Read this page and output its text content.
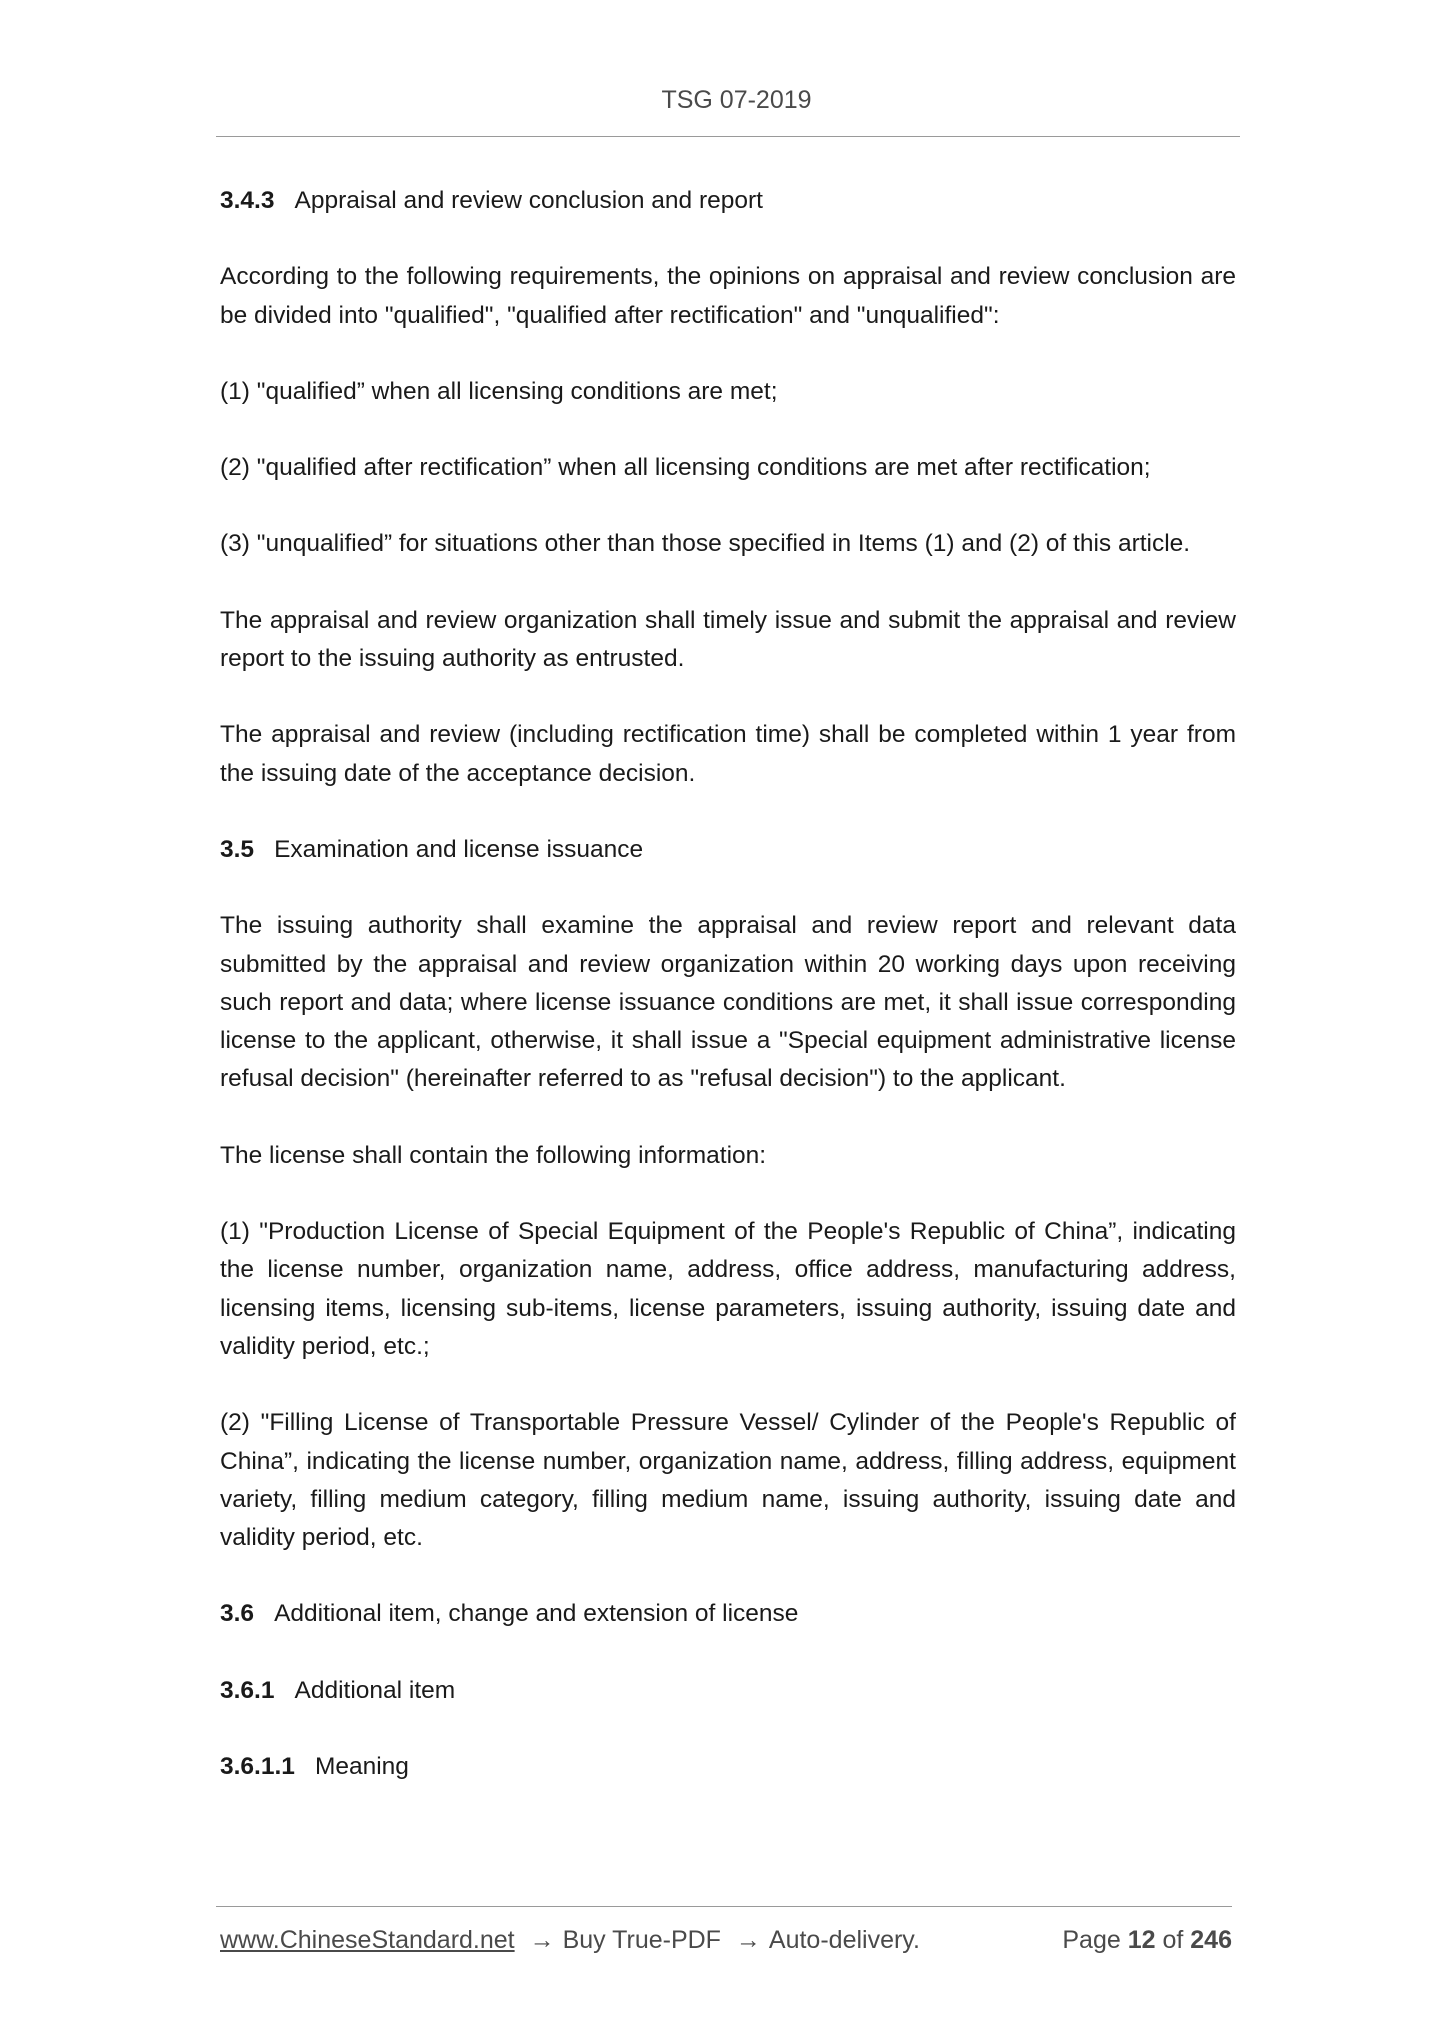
TSG 07-2019
3.4.3 Appraisal and review conclusion and report
According to the following requirements, the opinions on appraisal and review conclusion are be divided into "qualified", "qualified after rectification" and "unqualified":
(1) "qualified” when all licensing conditions are met;
(2) "qualified after rectification” when all licensing conditions are met after rectification;
(3) "unqualified” for situations other than those specified in Items (1) and (2) of this article.
The appraisal and review organization shall timely issue and submit the appraisal and review report to the issuing authority as entrusted.
The appraisal and review (including rectification time) shall be completed within 1 year from the issuing date of the acceptance decision.
3.5 Examination and license issuance
The issuing authority shall examine the appraisal and review report and relevant data submitted by the appraisal and review organization within 20 working days upon receiving such report and data; where license issuance conditions are met, it shall issue corresponding license to the applicant, otherwise, it shall issue a "Special equipment administrative license refusal decision" (hereinafter referred to as "refusal decision") to the applicant.
The license shall contain the following information:
(1) "Production License of Special Equipment of the People's Republic of China”, indicating the license number, organization name, address, office address, manufacturing address, licensing items, licensing sub-items, license parameters, issuing authority, issuing date and validity period, etc.;
(2) "Filling License of Transportable Pressure Vessel/ Cylinder of the People's Republic of China”, indicating the license number, organization name, address, filling address, equipment variety, filling medium category, filling medium name, issuing authority, issuing date and validity period, etc.
3.6 Additional item, change and extension of license
3.6.1 Additional item
3.6.1.1 Meaning
www.ChineseStandard.net → Buy True-PDF → Auto-delivery.	Page 12 of 246
